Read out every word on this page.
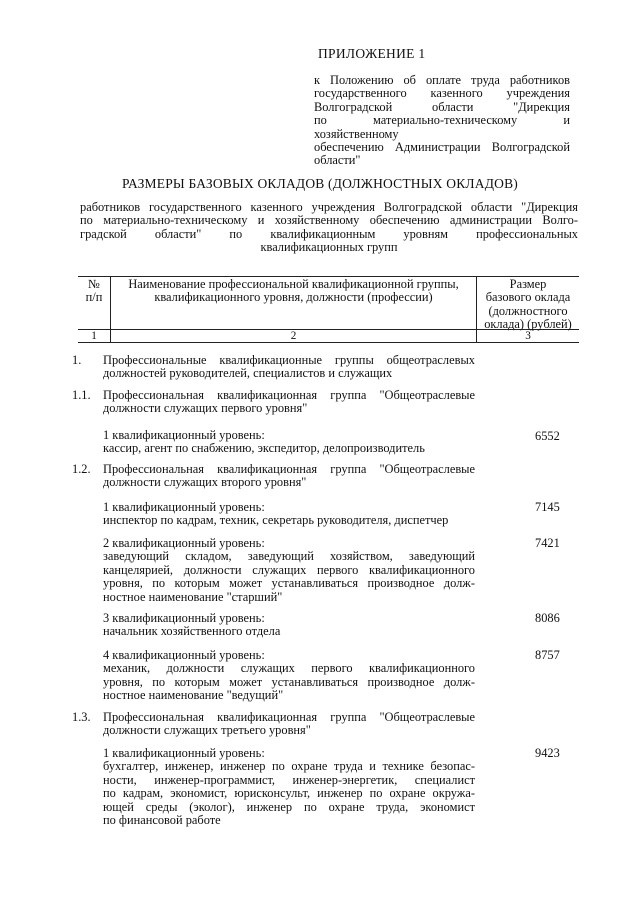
ПРИЛОЖЕНИЕ 1
к Положению об оплате труда работников
государственного казенного учреждения
Волгоградской области "Дирекция
по материально-техническому и хозяйственному
обеспечению Администрации Волгоградской
области"
РАЗМЕРЫ БАЗОВЫХ ОКЛАДОВ (ДОЛЖНОСТНЫХ ОКЛАДОВ)
работников государственного казенного учреждения Волгоградской области "Дирекция
по материально-техническому и хозяйственному обеспечению администрации Волго-
градской области" по квалификационным уровням профессиональных
квалификационных групп
№
п/п
Наименование профессиональной квалификационной группы,
квалификационного уровня, должности (профессии)
Размер
базового оклада
(должностного
оклада) (рублей)
1	2	3
1. Профессиональные квалификационные группы общеотраслевых
должностей руководителей, специалистов и служащих
1.1. Профессиональная квалификационная группа "Общеотраслевые
должности служащих первого уровня"
1 квалификационный уровень:
кассир, агент по снабжению, экспедитор, делопроизводитель
6552
1.2. Профессиональная квалификационная группа "Общеотраслевые
должности служащих второго уровня"
1 квалификационный уровень:
инспектор по кадрам, техник, секретарь руководителя, диспетчер
7145
2 квалификационный уровень:
заведующий складом, заведующий хозяйством, заведующий
канцелярией, должности служащих первого квалификационного
уровня, по которым может устанавливаться производное долж-
ностное наименование "старший"
7421
3 квалификационный уровень:
начальник хозяйственного отдела
8086
4 квалификационный уровень:
механик, должности служащих первого квалификационного
уровня, по которым может устанавливаться производное долж-
ностное наименование "ведущий"
8757
1.3. Профессиональная квалификационная группа "Общеотраслевые
должности служащих третьего уровня"
1 квалификационный уровень:
бухгалтер, инженер, инженер по охране труда и технике безопас-
ности, инженер-программист, инженер-энергетик, специалист
по кадрам, экономист, юрисконсульт, инженер по охране окружа-
ющей среды (эколог), инженер по охране труда, экономист
по финансовой работе
9423
